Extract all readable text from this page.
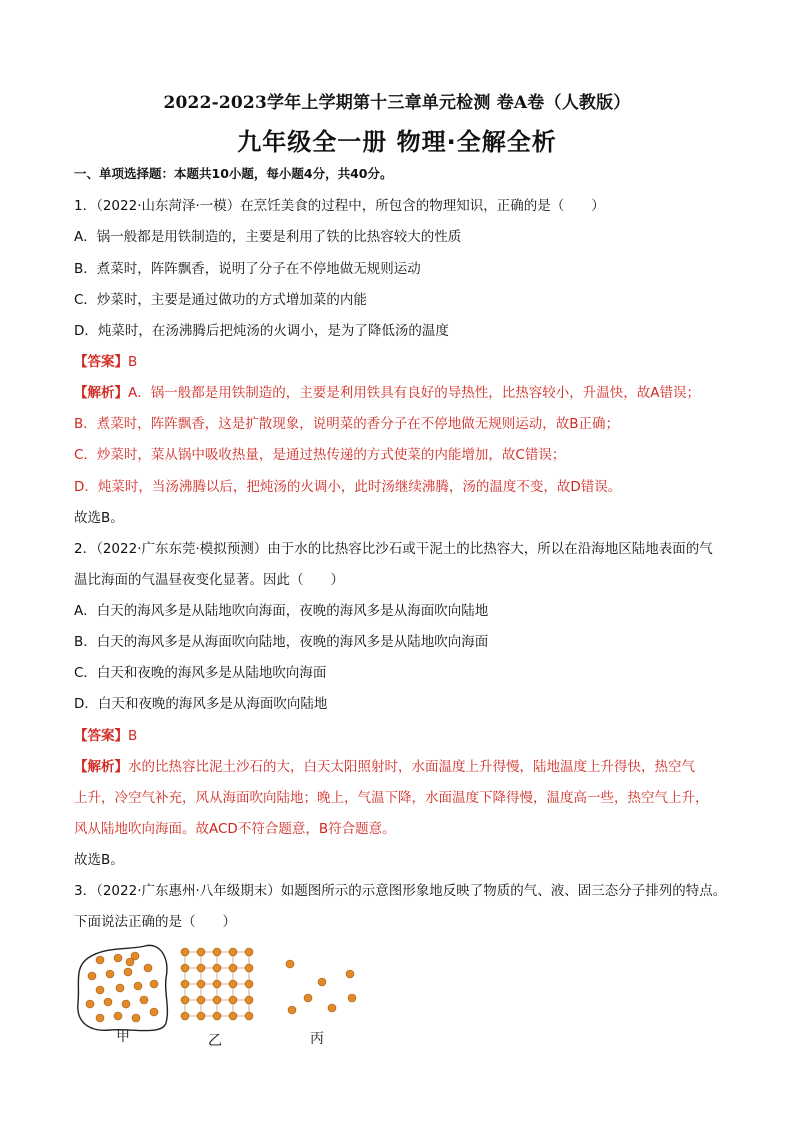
2022-2023学年上学期第十三章单元检测 卷A卷（人教版）
九年级全一册 物理·全解全析
一、单项选择题：本题共10小题，每小题4分，共40分。
1．（2022·山东菏泽·一模）在烹饪美食的过程中，所包含的物理知识，正确的是（　　）
A．锅一般都是用铁制造的，主要是利用了铁的比热容较大的性质
B．煮菜时，阵阵飘香，说明了分子在不停地做无规则运动
C．炒菜时，主要是通过做功的方式增加菜的内能
D．炖菜时，在汤沸腾后把炖汤的火调小，是为了降低汤的温度
【答案】B
【解析】A．锅一般都是用铁制造的，主要是利用铁具有良好的导热性，比热容较小，升温快，故A错误；
B．煮菜时，阵阵飘香，这是扩散现象，说明菜的香分子在不停地做无规则运动，故B正确；
C．炒菜时，菜从锅中吸收热量，是通过热传递的方式使菜的内能增加，故C错误；
D．炖菜时，当汤沸腾以后，把炖汤的火调小，此时汤继续沸腾，汤的温度不变，故D错误。
故选B。
2．（2022·广东东莞·模拟预测）由于水的比热容比沙石或干泥土的比热容大，所以在沿海地区陆地表面的气
温比海面的气温昼夜变化显著。因此（　　）
A．白天的海风多是从陆地吹向海面，夜晚的海风多是从海面吹向陆地
B．白天的海风多是从海面吹向陆地，夜晚的海风多是从陆地吹向海面
C．白天和夜晚的海风多是从陆地吹向海面
D．白天和夜晚的海风多是从海面吹向陆地
【答案】B
【解析】水的比热容比泥土沙石的大，白天太阳照射时，水面温度上升得慢，陆地温度上升得快，热空气
上升，冷空气补充，风从海面吹向陆地；晚上，气温下降，水面温度下降得慢，温度高一些，热空气上升，
风从陆地吹向海面。故ACD不符合题意，B符合题意。
故选B。
3．（2022·广东惠州·八年级期末）如题图所示的示意图形象地反映了物质的气、液、固三态分子排列的特点。
下面说法正确的是（　　）
甲	乙	丙
